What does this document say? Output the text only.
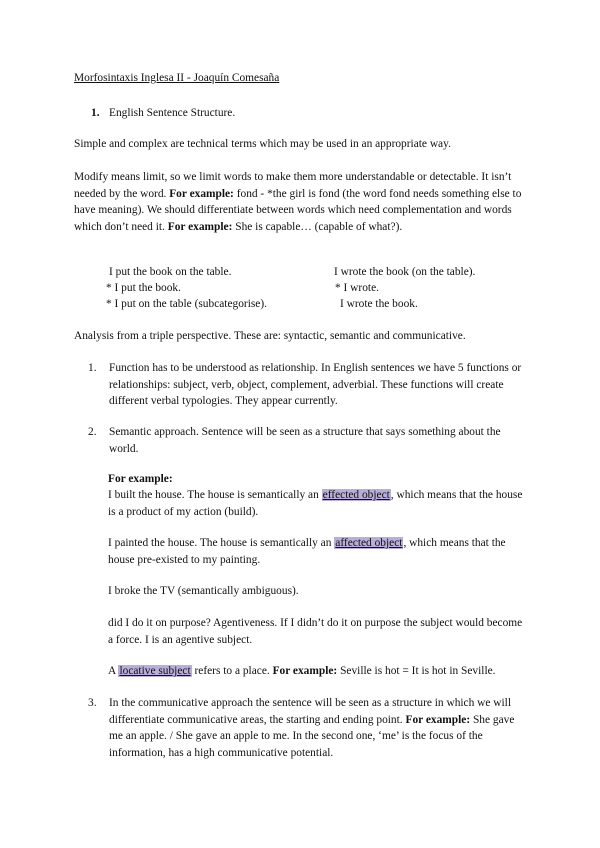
Morfosintaxis Inglesa II - Joaquín Comesaña
1. English Sentence Structure.
Simple and complex are technical terms which may be used in an appropriate way.
Modify means limit, so we limit words to make them more understandable or detectable. It isn’t needed by the word. For example: fond - *the girl is fond (the word fond needs something else to have meaning). We should differentiate between words which need complementation and words which don’t need it. For example: She is capable… (capable of what?).
I put the book on the table.
* I put the book.
* I put on the table (subcategorise).
I wrote the book (on the table).
* I wrote.
I wrote the book.
Analysis from a triple perspective. These are: syntactic, semantic and communicative.
1. Function has to be understood as relationship. In English sentences we have 5 functions or relationships: subject, verb, object, complement, adverbial. These functions will create different verbal typologies. They appear currently.
2. Semantic approach. Sentence will be seen as a structure that says something about the world.
For example:
I built the house. The house is semantically an effected object, which means that the house is a product of my action (build).
I painted the house. The house is semantically an affected object, which means that the house pre-existed to my painting.
I broke the TV (semantically ambiguous).
did I do it on purpose? Agentiveness. If I didn’t do it on purpose the subject would become a force. I is an agentive subject.
A locative subject refers to a place. For example: Seville is hot = It is hot in Seville.
3. In the communicative approach the sentence will be seen as a structure in which we will differentiate communicative areas, the starting and ending point. For example: She gave me an apple. / She gave an apple to me. In the second one, ‘me’ is the focus of the information, has a high communicative potential.
